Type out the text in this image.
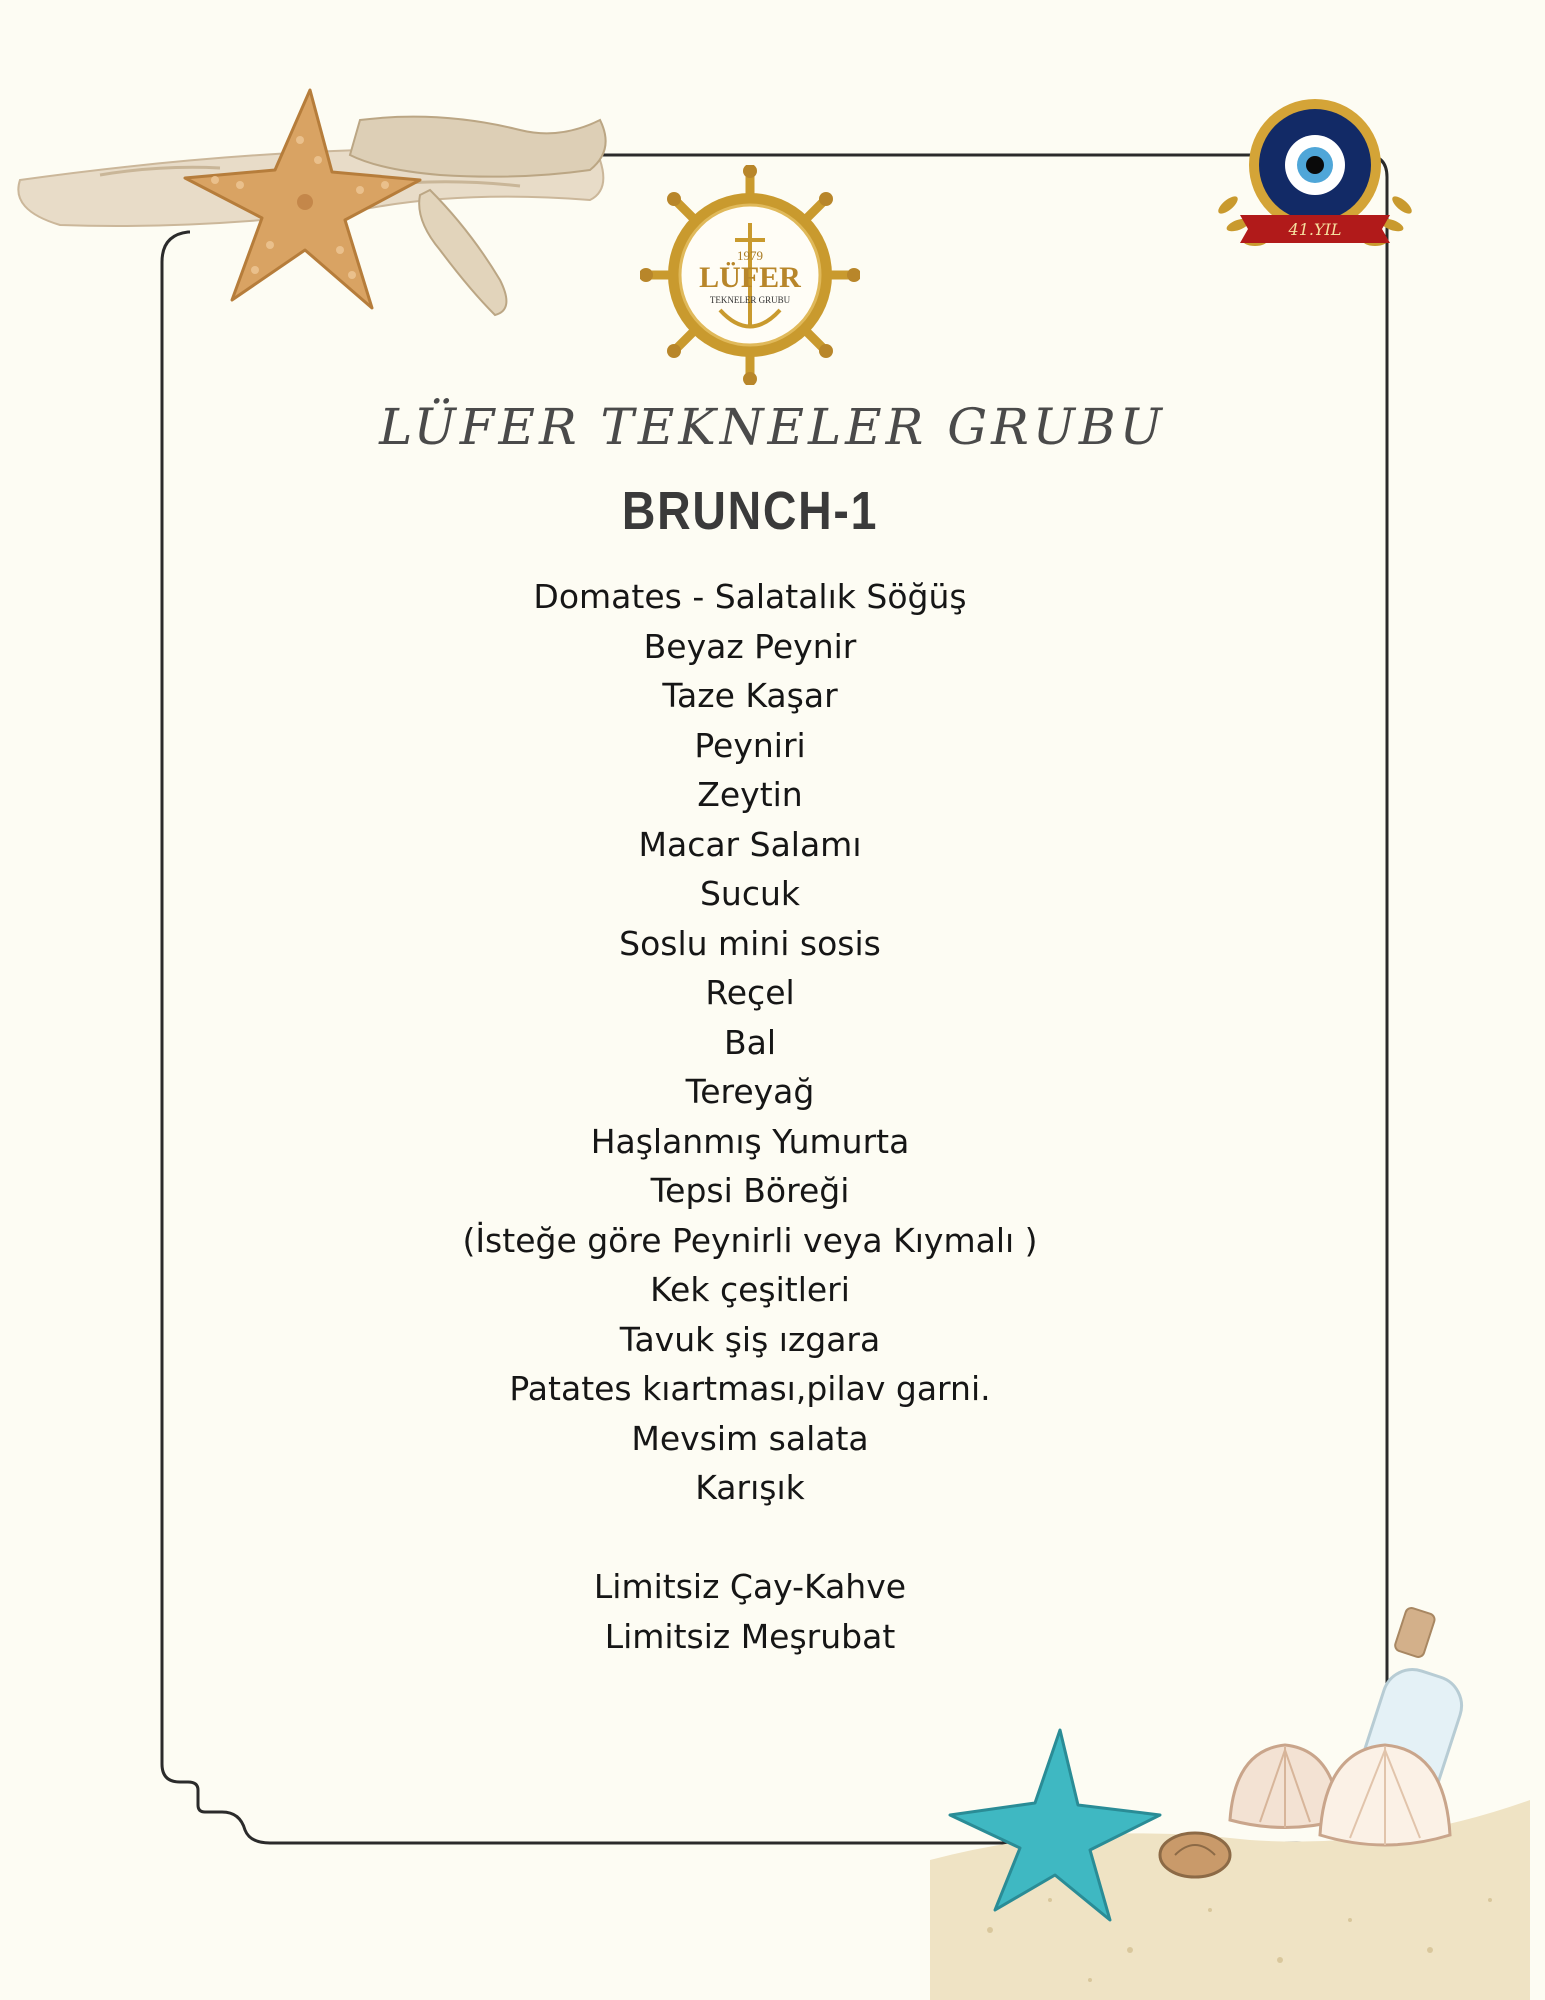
1979
LÜFER
TEKNELER GRUBU
41.YIL
LÜFER TEKNELER GRUBU
BRUNCH-1
Domates - Salatalık Söğüş
Beyaz Peynir
Taze Kaşar
Peyniri
Zeytin
Macar Salamı
Sucuk
Soslu mini sosis
Reçel
Bal
Tereyağ
Haşlanmış Yumurta
Tepsi Böreği
(İsteğe göre Peynirli veya Kıymalı )
Kek çeşitleri
Tavuk şiş ızgara
Patates kıartması,pilav garni.
Mevsim salata
Karışık
Limitsiz Çay-Kahve
Limitsiz Meşrubat
